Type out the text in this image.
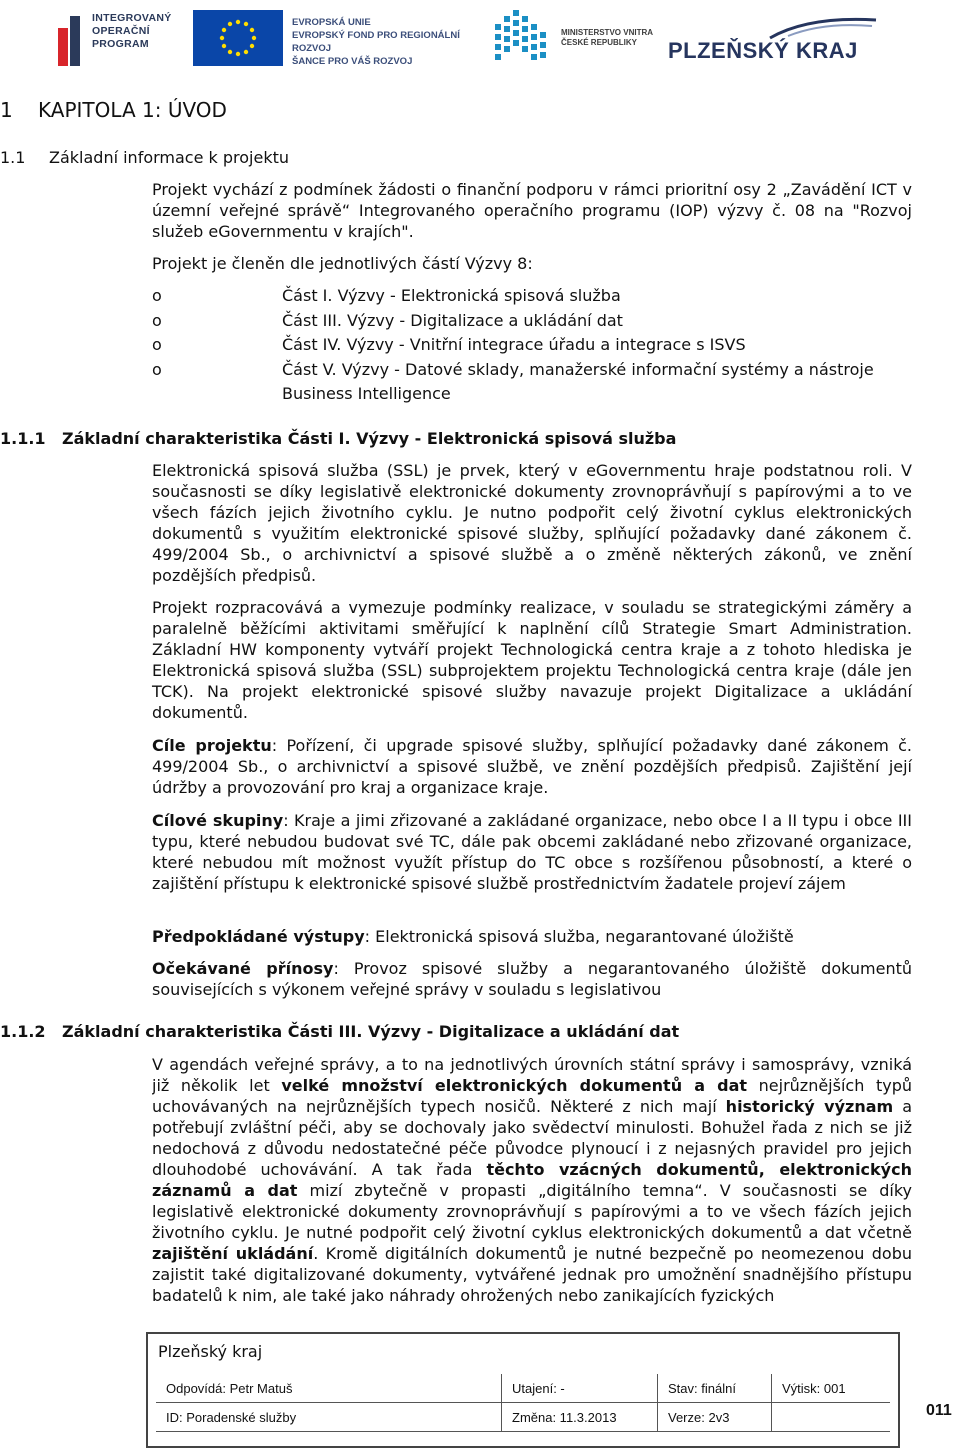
INTEGROVANÝ
OPERAČNÍ
PROGRAM
EVROPSKÁ UNIE
EVROPSKÝ FOND PRO REGIONÁLNÍ ROZVOJ
ŠANCE PRO VÁŠ ROZVOJ
MINISTERSTVO VNITRA
ČESKÉ REPUBLIKY	PLZEŇSKÝ KRAJ
1 KAPITOLA 1: ÚVOD
1.1 Základní informace k projektu
Projekt vychází z podmínek žádosti o finanční podporu v rámci prioritní osy 2 „Zavádění ICT v územní veřejné správě“ Integrovaného operačního programu (IOP) výzvy č. 08 na "Rozvoj služeb eGovernmentu v krajích".
Projekt je členěn dle jednotlivých částí Výzvy 8:
o	Část I. Výzvy - Elektronická spisová služba
o	Část III. Výzvy - Digitalizace a ukládání dat
o	Část IV. Výzvy - Vnitřní integrace úřadu a integrace s ISVS
o	Část V. Výzvy - Datové sklady, manažerské informační systémy a nástroje Business Intelligence
1.1.1 Základní charakteristika Části I. Výzvy - Elektronická spisová služba
Elektronická spisová služba (SSL) je prvek, který v eGovernmentu hraje podstatnou roli. V současnosti se díky legislativě elektronické dokumenty zrovnoprávňují s papírovými a to ve všech fázích jejich životního cyklu. Je nutno podpořit celý životní cyklus elektronických dokumentů s využitím elektronické spisové služby, splňující požadavky dané zákonem č. 499/2004 Sb., o archivnictví a spisové službě a o změně některých zákonů, ve znění pozdějších předpisů.
Projekt rozpracovává a vymezuje podmínky realizace, v souladu se strategickými záměry a paralelně běžícími aktivitami směřující k naplnění cílů Strategie Smart Administration. Základní HW komponenty vytváří projekt Technologická centra kraje a z tohoto hlediska je Elektronická spisová služba (SSL) subprojektem projektu Technologická centra kraje (dále jen TCK). Na projekt elektronické spisové služby navazuje projekt Digitalizace a ukládání dokumentů.
Cíle projektu: Pořízení, či upgrade spisové služby, splňující požadavky dané zákonem č. 499/2004 Sb., o archivnictví a spisové službě, ve znění pozdějších předpisů. Zajištění její údržby a provozování pro kraj a organizace kraje.
Cílové skupiny: Kraje a jimi zřizované a zakládané organizace, nebo obce I a II typu i obce III typu, které nebudou budovat své TC, dále pak obcemi zakládané nebo zřizované organizace, které nebudou mít možnost využít přístup do TC obce s rozšířenou působností, a které o zajištění přístupu k elektronické spisové službě prostřednictvím žadatele projeví zájem
Předpokládané výstupy: Elektronická spisová služba, negarantované úložiště
Očekávané přínosy: Provoz spisové služby a negarantovaného úložiště dokumentů souvisejících s výkonem veřejné správy v souladu s legislativou
1.1.2 Základní charakteristika Části III. Výzvy - Digitalizace a ukládání dat
V agendách veřejné správy, a to na jednotlivých úrovních státní správy i samosprávy, vzniká již několik let velké množství elektronických dokumentů a dat nejrůznějších typů uchovávaných na nejrůznějších typech nosičů. Některé z nich mají historický význam a potřebují zvláštní péči, aby se dochovaly jako svědectví minulosti. Bohužel řada z nich se již nedochová z důvodu nedostatečné péče původce plynoucí i z nejasných pravidel pro jejich dlouhodobé uchovávání. A tak řada těchto vzácných dokumentů, elektronických záznamů a dat mizí zbytečně v propasti „digitálního temna“. V současnosti se díky legislativě elektronické dokumenty zrovnoprávňují s papírovými a to ve všech fázích jejich životního cyklu. Je nutné podpořit celý životní cyklus elektronických dokumentů a dat včetně zajištění ukládání. Kromě digitálních dokumentů je nutné bezpečně po neomezenou dobu zajistit také digitalizované dokumenty, vytvářené jednak pro umožnění snadnějšího přístupu badatelů k nim, ale také jako náhrady ohrožených nebo zanikajících fyzických
Plzeňský kraj
Odpovídá: Petr Matuš	Utajení: -	Stav: finální	Výtisk: 001
ID: Poradenské služby	Změna: 11.3.2013	Verze: 2v3		011
